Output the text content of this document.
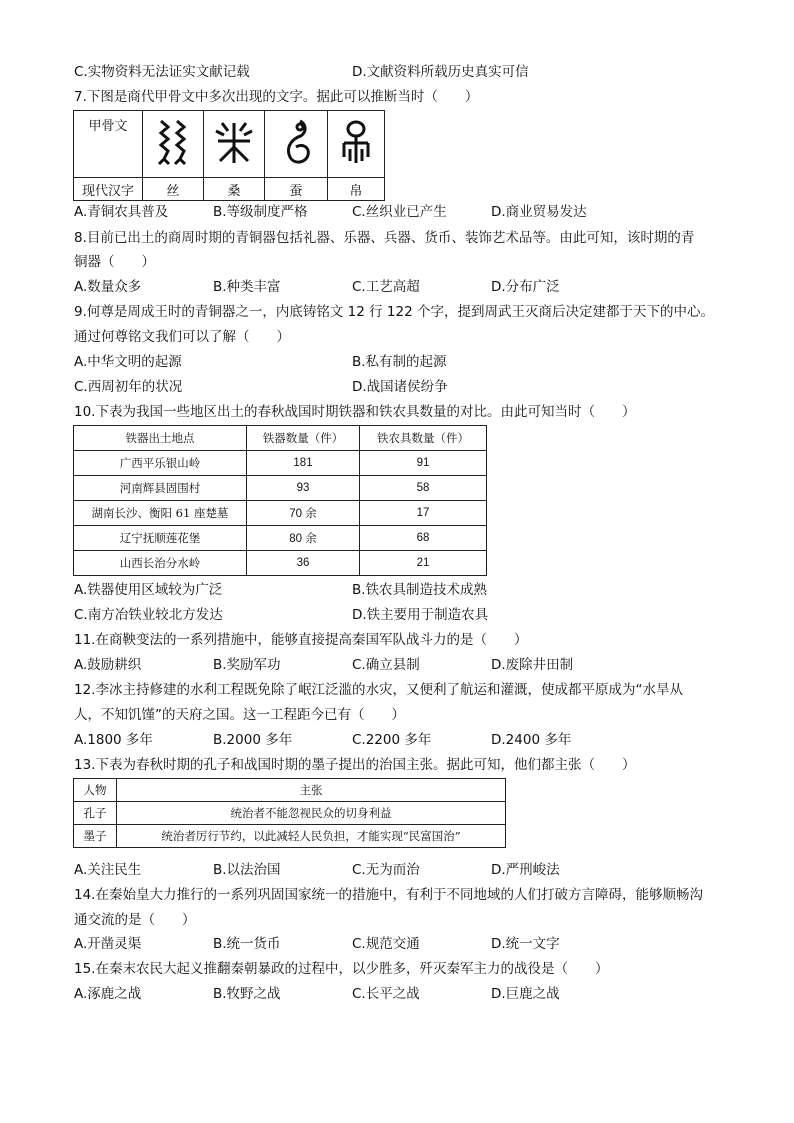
C.实物资料无法证实文献记载	D.文献资料所载历史真实可信
7.下图是商代甲骨文中多次出现的文字。据此可以推断当时（　　）
甲骨文				
现代汉字	丝	桑	蚕	帛
A.青铜农具普及	B.等级制度严格	C.丝织业已产生	D.商业贸易发达
8.目前已出土的商周时期的青铜器包括礼器、乐器、兵器、货币、装饰艺术品等。由此可知，该时期的青
铜器（　　）
A.数量众多	B.种类丰富	C.工艺高超	D.分布广泛
9.何尊是周成王时的青铜器之一，内底铸铭文 12 行 122 个字，提到周武王灭商后决定建都于天下的中心。
通过何尊铭文我们可以了解（　　）
A.中华文明的起源	B.私有制的起源
C.西周初年的状况	D.战国诸侯纷争
10.下表为我国一些地区出土的春秋战国时期铁器和铁农具数量的对比。由此可知当时（　　）
铁器出土地点	铁器数量（件）	铁农具数量（件）
广西平乐银山岭	181	91
河南辉县固围村	93	58
湖南长沙、衡阳 61 座楚墓	70 余	17
辽宁抚顺莲花堡	80 余	68
山西长治分水岭	36	21
A.铁器使用区域较为广泛	B.铁农具制造技术成熟
C.南方冶铁业较北方发达	D.铁主要用于制造农具
11.在商鞅变法的一系列措施中，能够直接提高秦国军队战斗力的是（　　）
A.鼓励耕织	B.奖励军功	C.确立县制	D.废除井田制
12.李冰主持修建的水利工程既免除了岷江泛滥的水灾，又便利了航运和灌溉，使成都平原成为“水旱从
人，不知饥馑”的天府之国。这一工程距今已有（　　）
A.1800 多年	B.2000 多年	C.2200 多年	D.2400 多年
13.下表为春秋时期的孔子和战国时期的墨子提出的治国主张。据此可知，他们都主张（　　）
人物	主张
孔子	统治者不能忽视民众的切身利益
墨子	统治者厉行节约，以此减轻人民负担，才能实现“民富国治”
A.关注民生	B.以法治国	C.无为而治	D.严刑峻法
14.在秦始皇大力推行的一系列巩固国家统一的措施中，有利于不同地域的人们打破方言障碍，能够顺畅沟
通交流的是（　　）
A.开凿灵渠	B.统一货币	C.规范交通	D.统一文字
15.在秦末农民大起义推翻秦朝暴政的过程中，以少胜多，歼灭秦军主力的战役是（　　）
A.涿鹿之战	B.牧野之战	C.长平之战	D.巨鹿之战
